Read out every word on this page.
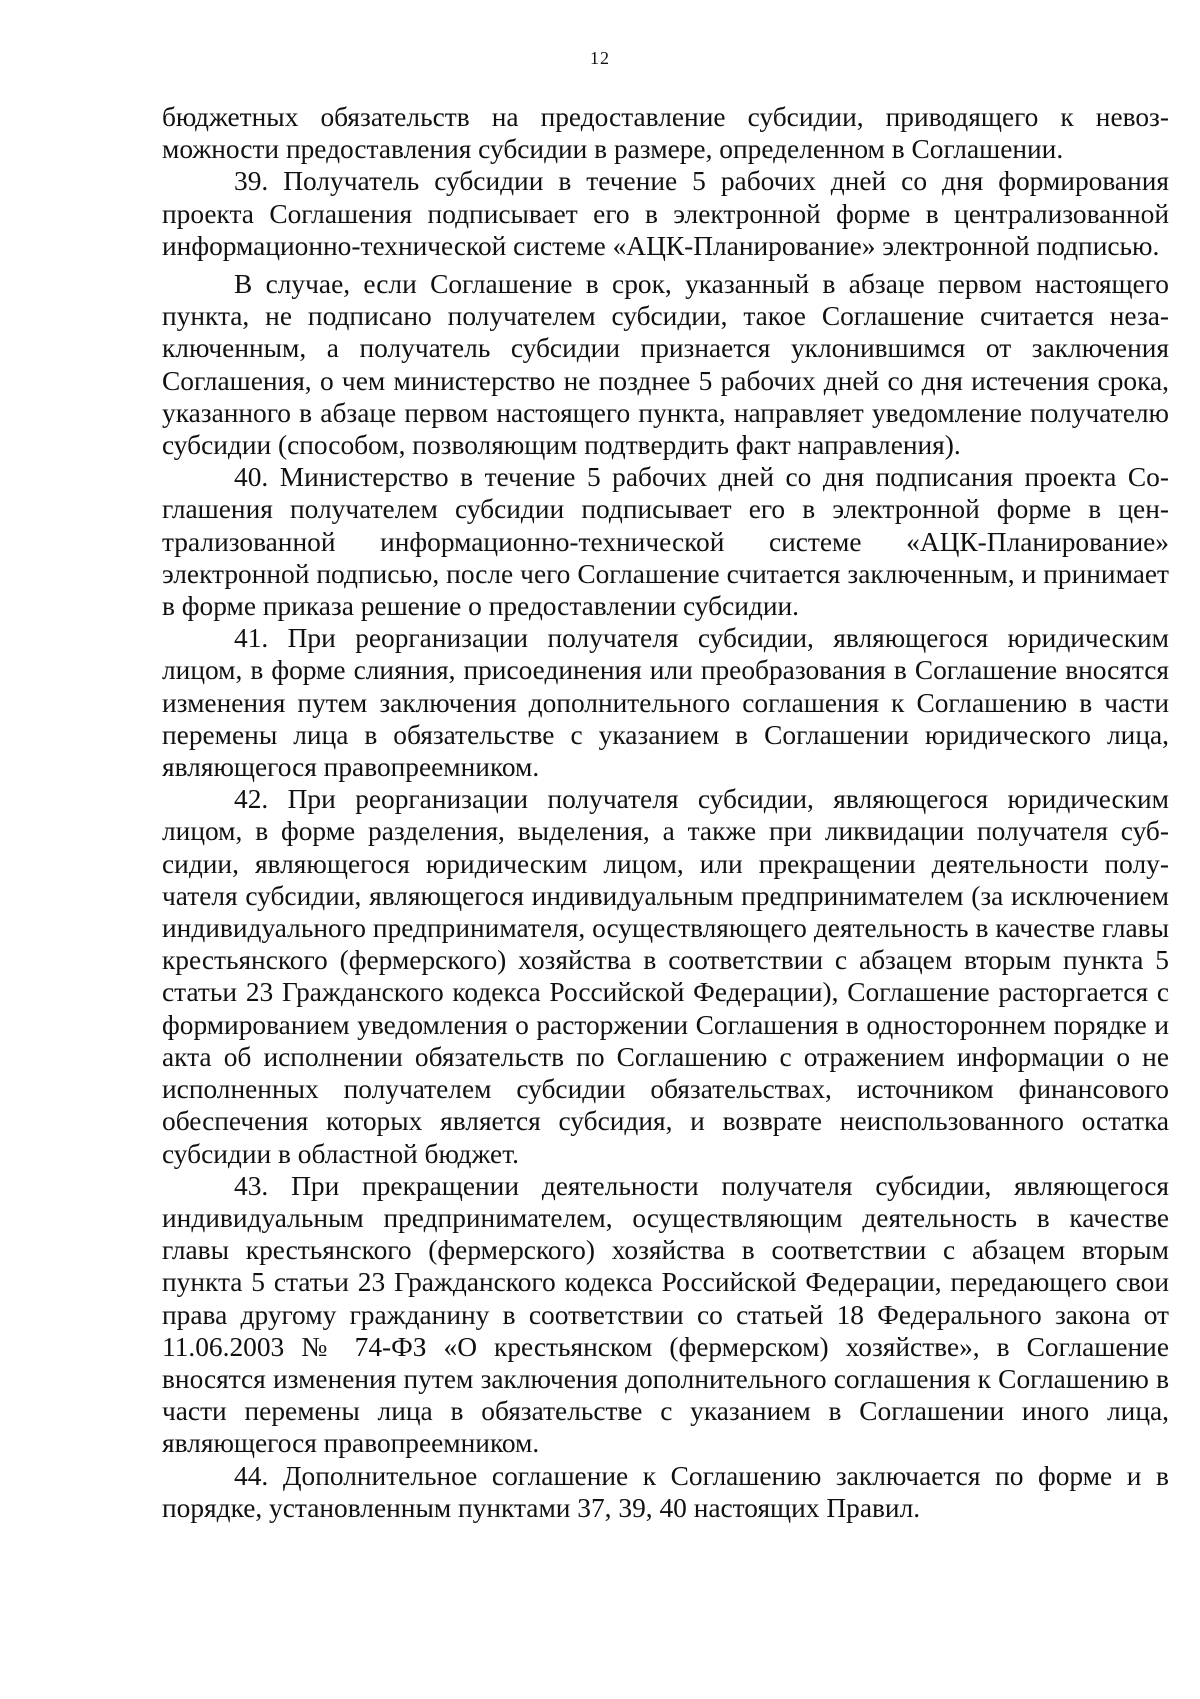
12

бюджетных обязательств на предоставление субсидии, приводящего к невозможности предоставления субсидии в размере, определенном в Соглашении.

39. Получатель субсидии в течение 5 рабочих дней со дня формирования проекта Соглашения подписывает его в электронной форме в централизованной информационно-технической системе «АЦК-Планирование» электронной подписью.

В случае, если Соглашение в срок, указанный в абзаце первом настоящего пункта, не подписано получателем субсидии, такое Соглашение считается незаключенным, а получатель субсидии признается уклонившимся от заключения Соглашения, о чем министерство не позднее 5 рабочих дней со дня истечения срока, указанного в абзаце первом настоящего пункта, направляет уведомление получателю субсидии (способом, позволяющим подтвердить факт направления).

40. Министерство в течение 5 рабочих дней со дня подписания проекта Соглашения получателем субсидии подписывает его в электронной форме в централизованной информационно-технической системе «АЦК-Планирование» электронной подписью, после чего Соглашение считается заключенным, и принимает в форме приказа решение о предоставлении субсидии.

41. При реорганизации получателя субсидии, являющегося юридическим лицом, в форме слияния, присоединения или преобразования в Соглашение вносятся изменения путем заключения дополнительного соглашения к Соглашению в части перемены лица в обязательстве с указанием в Соглашении юридического лица, являющегося правопреемником.

42. При реорганизации получателя субсидии, являющегося юридическим лицом, в форме разделения, выделения, а также при ликвидации получателя субсидии, являющегося юридическим лицом, или прекращении деятельности получателя субсидии, являющегося индивидуальным предпринимателем (за исключением индивидуального предпринимателя, осуществляющего деятельность в качестве главы крестьянского (фермерского) хозяйства в соответствии с абзацем вторым пункта 5 статьи 23 Гражданского кодекса Российской Федерации), Соглашение расторгается с формированием уведомления о расторжении Соглашения в одностороннем порядке и акта об исполнении обязательств по Соглашению с отражением информации о не исполненных получателем субсидии обязательствах, источником финансового обеспечения которых является субсидия, и возврате неиспользованного остатка субсидии в областной бюджет.

43. При прекращении деятельности получателя субсидии, являющегося индивидуальным предпринимателем, осуществляющим деятельность в качестве главы крестьянского (фермерского) хозяйства в соответствии с абзацем вторым пункта 5 статьи 23 Гражданского кодекса Российской Федерации, передающего свои права другому гражданину в соответствии со статьей 18 Федерального закона от 11.06.2003 № 74-ФЗ «О крестьянском (фермерском) хозяйстве», в Соглашение вносятся изменения путем заключения дополнительного соглашения к Соглашению в части перемены лица в обязательстве с указанием в Соглашении иного лица, являющегося правопреемником.

44. Дополнительное соглашение к Соглашению заключается по форме и в порядке, установленным пунктами 37, 39, 40 настоящих Правил.
